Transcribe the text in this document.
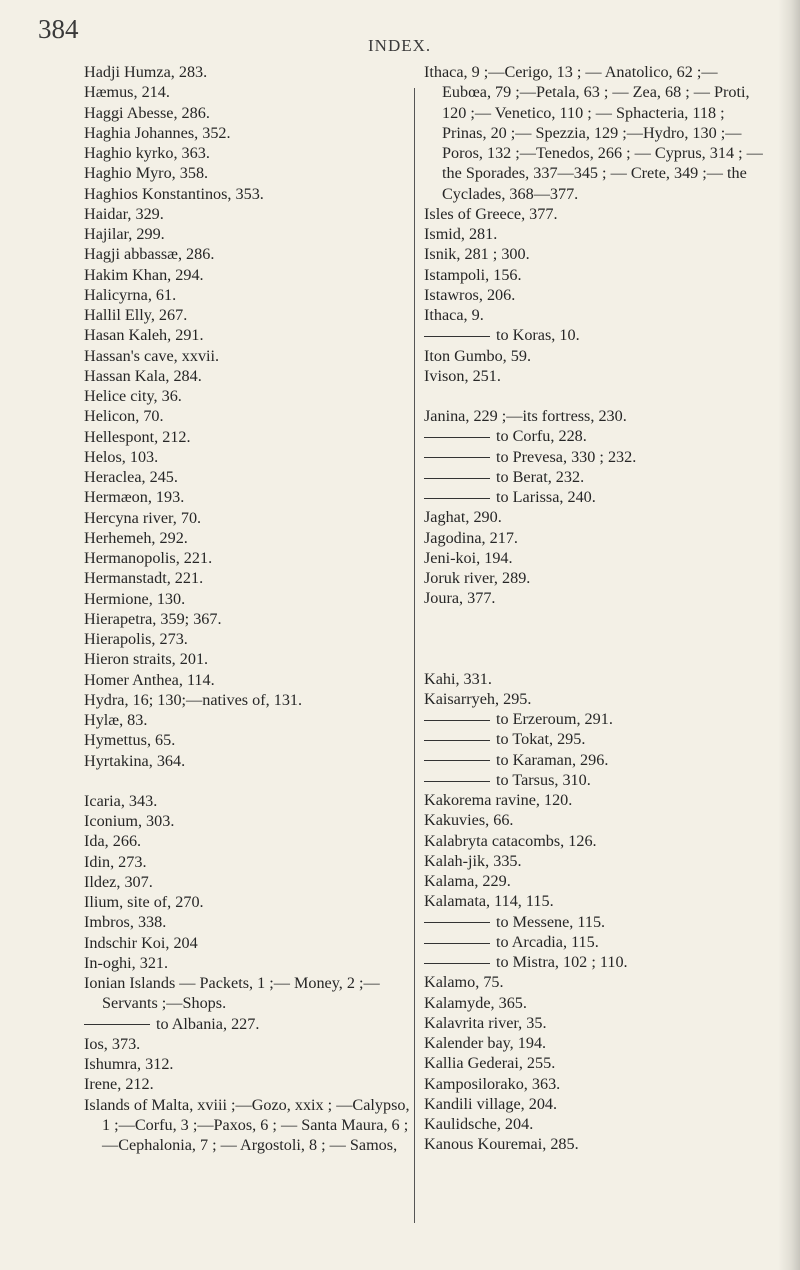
384
INDEX.
Hadji Humza, 283.
Hæmus, 214.
Haggi Abesse, 286.
Haghia Johannes, 352.
Haghio kyrko, 363.
Haghio Myro, 358.
Haghios Konstantinos, 353.
Haidar, 329.
Hajilar, 299.
Hagji abbassæ, 286.
Hakim Khan, 294.
Halicyrna, 61.
Hallil Elly, 267.
Hasan Kaleh, 291.
Hassan's cave, xxvii.
Hassan Kala, 284.
Helice city, 36.
Helicon, 70.
Hellespont, 212.
Helos, 103.
Heraclea, 245.
Hermæon, 193.
Hercyna river, 70.
Herhemeh, 292.
Hermanopolis, 221.
Hermanstadt, 221.
Hermione, 130.
Hierapetra, 359; 367.
Hierapolis, 273.
Hieron straits, 201.
Homer Anthea, 114.
Hydra, 16; 130;—natives of, 131.
Hylæ, 83.
Hymettus, 65.
Hyrtakina, 364.
Icaria, 343.
Iconium, 303.
Ida, 266.
Idin, 273.
Ildez, 307.
Ilium, site of, 270.
Imbros, 338.
Indschir Koi, 204
In-oghi, 321.
Ionian Islands — Packets, 1 ;— Money, 2 ;—Servants ;—Shops.
to Albania, 227.
Ios, 373.
Ishumra, 312.
Irene, 212.
Islands of Malta, xviii ;—Gozo, xxix ; —Calypso, 1 ;—Corfu, 3 ;—Paxos, 6 ; — Santa Maura, 6 ;—Cephalonia, 7 ; — Argostoli, 8 ; — Samos,
Ithaca, 9 ;—Cerigo, 13 ; — Anatolico, 62 ;—Eubœa, 79 ;—Petala, 63 ; — Zea, 68 ; — Proti, 120 ;— Venetico, 110 ; — Sphacteria, 118 ; Prinas, 20 ;— Spezzia, 129 ;—Hydro, 130 ;—Poros, 132 ;—Tenedos, 266 ; — Cyprus, 314 ; — the Sporades, 337—345 ; — Crete, 349 ;— the Cyclades, 368—377.
Isles of Greece, 377.
Ismid, 281.
Isnik, 281 ; 300.
Istampoli, 156.
Istawros, 206.
Ithaca, 9.
to Koras, 10.
Iton Gumbo, 59.
Ivison, 251.
Janina, 229 ;—its fortress, 230.
to Corfu, 228.
to Prevesa, 330 ; 232.
to Berat, 232.
to Larissa, 240.
Jaghat, 290.
Jagodina, 217.
Jeni-koi, 194.
Joruk river, 289.
Joura, 377.
Kahi, 331.
Kaisarryeh, 295.
to Erzeroum, 291.
to Tokat, 295.
to Karaman, 296.
to Tarsus, 310.
Kakorema ravine, 120.
Kakuvies, 66.
Kalabryta catacombs, 126.
Kalah-jik, 335.
Kalama, 229.
Kalamata, 114, 115.
to Messene, 115.
to Arcadia, 115.
to Mistra, 102 ; 110.
Kalamo, 75.
Kalamyde, 365.
Kalavrita river, 35.
Kalender bay, 194.
Kallia Gederai, 255.
Kamposilorako, 363.
Kandili village, 204.
Kaulidsche, 204.
Kanous Kouremai, 285.
